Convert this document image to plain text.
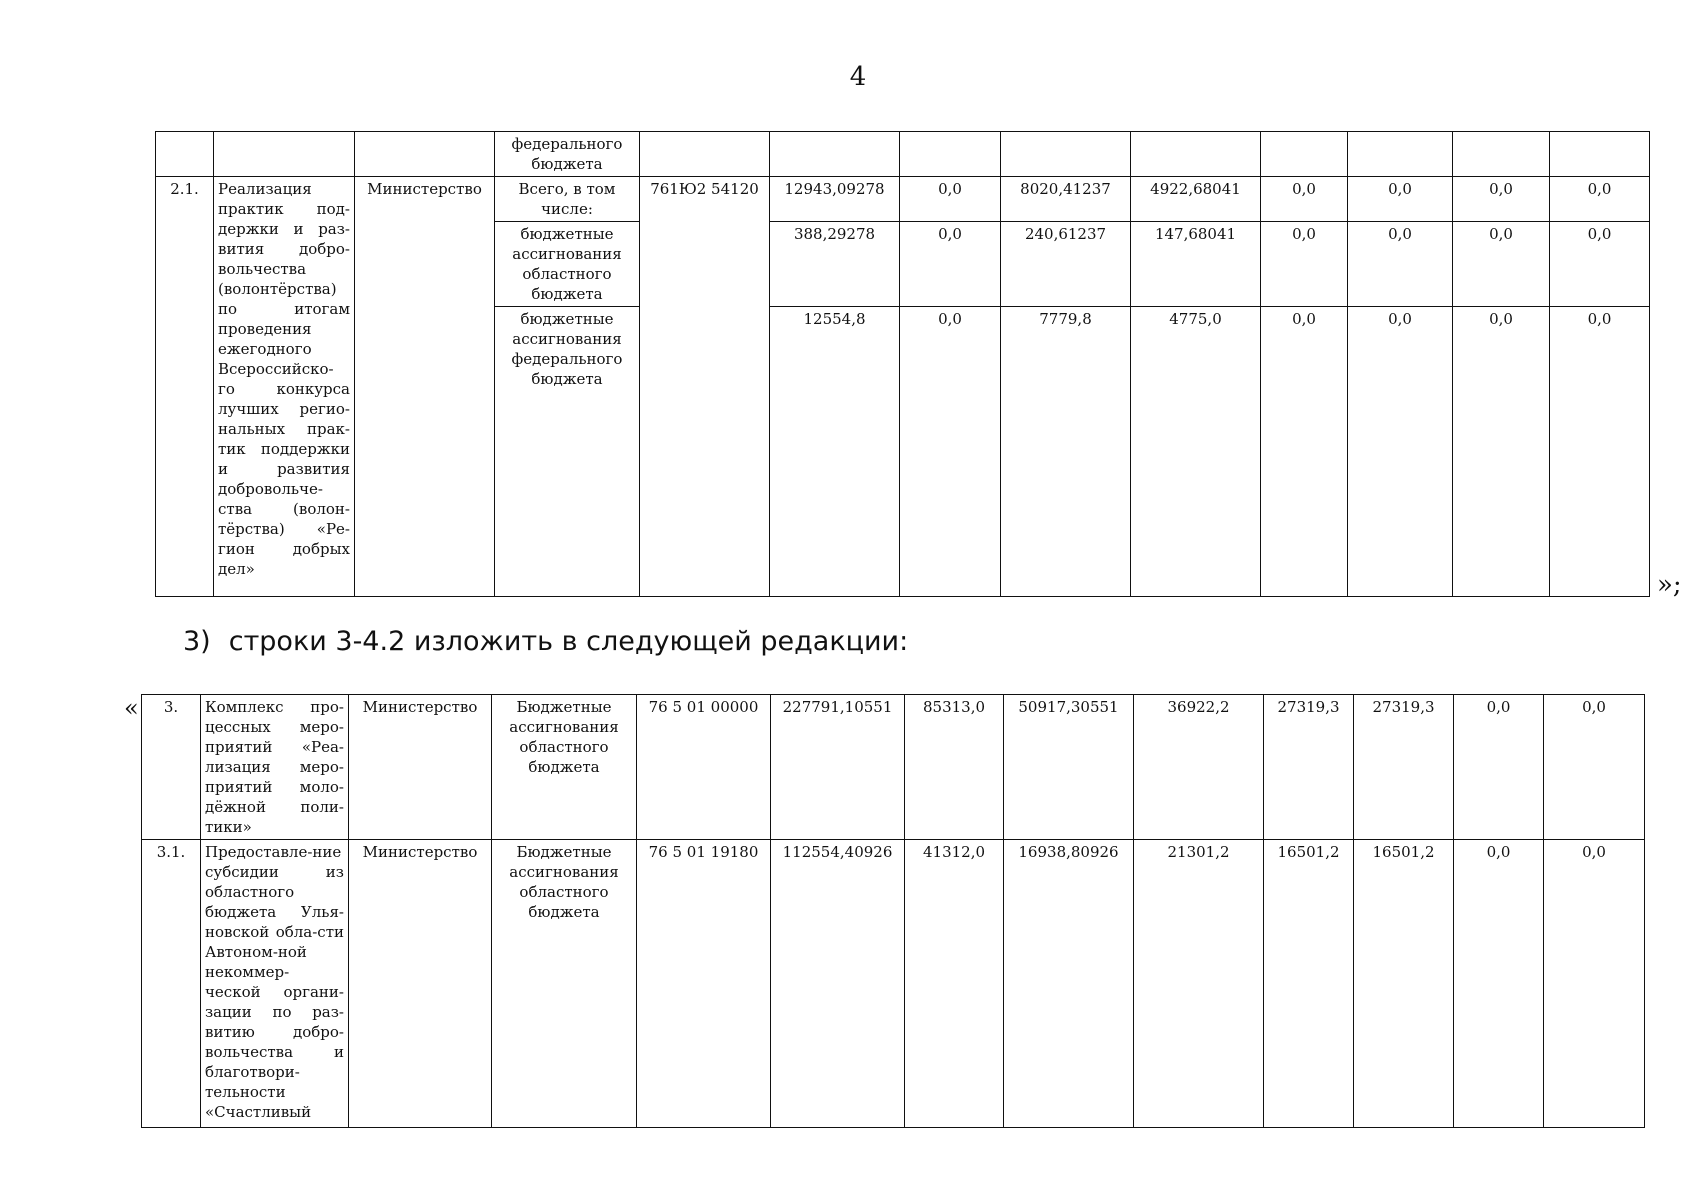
4
			федерального бюджета									
2.1.	Реализация практик под-держки и раз-вития добро-вольчества (волонтёрства) по итогам проведения ежегодного Всероссийско-го конкурса лучших регио-нальных прак-тик поддержки и развития добровольче-ства (волон-тёрства) «Ре-гион добрых дел»	Министерство	Всего, в том числе:	761Ю2 54120	12943,09278	0,0	8020,41237	4922,68041	0,0	0,0	0,0	0,0
			бюджетные ассигнования областного бюджета		388,29278	0,0	240,61237	147,68041	0,0	0,0	0,0	0,0
			бюджетные ассигнования федерального бюджета		12554,8	0,0	7779,8	4775,0	0,0	0,0	0,0	0,0
»;
3) строки 3-4.2 изложить в следующей редакции:
« 3.	Комплекс про-цессных меро-приятий «Реа-лизация меро-приятий моло-дёжной поли-тики»	Министерство	Бюджетные ассигнования областного бюджета	76 5 01 00000	227791,10551	85313,0	50917,30551	36922,2	27319,3	27319,3	0,0	0,0
3.1.	Предоставле-ние субсидии из областного бюджета Улья-новской обла-сти Автоном-ной некоммер-ческой органи-зации по раз-витию добро-вольчества и благотвори-тельности «Счастливый	Министерство	Бюджетные ассигнования областного бюджета	76 5 01 19180	112554,40926	41312,0	16938,80926	21301,2	16501,2	16501,2	0,0	0,0
